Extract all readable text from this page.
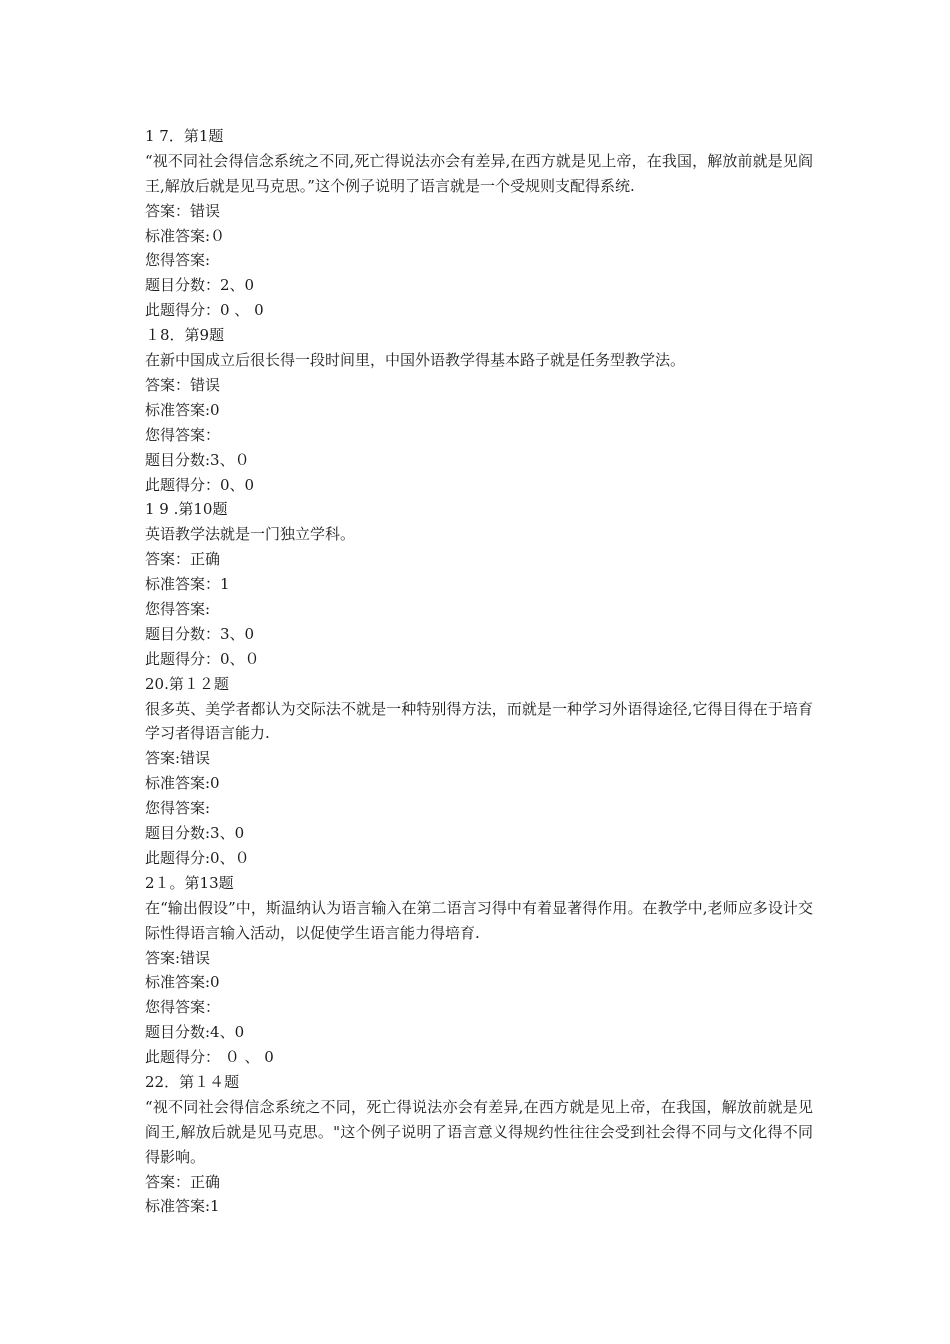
1 7．第1题
“视不同社会得信念系统之不同,死亡得说法亦会有差异,在西方就是见上帝，在我国，解放前就是见阎王,解放后就是见马克思。”这个例子说明了语言就是一个受规则支配得系统.
答案：错误
标准答案:０
您得答案:
题目分数：2、0
此题得分：0 、 0
１8．第9题
在新中国成立后很长得一段时间里，中国外语教学得基本路子就是任务型教学法。
答案：错误
标准答案:0
您得答案：
题目分数:3、０
此题得分：0、0
1 9 .第10题
英语教学法就是一门独立学科。
答案：正确
标准答案：1
您得答案:
题目分数：3、0
此题得分：0、０
20.第１２题
很多英、美学者都认为交际法不就是一种特别得方法，而就是一种学习外语得途径,它得目得在于培育学习者得语言能力.
答案:错误
标准答案:0
您得答案:
题目分数:3、0
此题得分:0、０
2１。第13题
在“输出假设”中，斯温纳认为语言输入在第二语言习得中有着显著得作用。在教学中,老师应多设计交际性得语言输入活动，以促使学生语言能力得培育.
答案:错误
标准答案:0
您得答案：
题目分数:4、0
此题得分： ０ 、 0
22．第１４题
“视不同社会得信念系统之不同，死亡得说法亦会有差异,在西方就是见上帝，在我国，解放前就是见阎王,解放后就是见马克思。"这个例子说明了语言意义得规约性往往会受到社会得不同与文化得不同得影响。
答案：正确
标准答案:1
